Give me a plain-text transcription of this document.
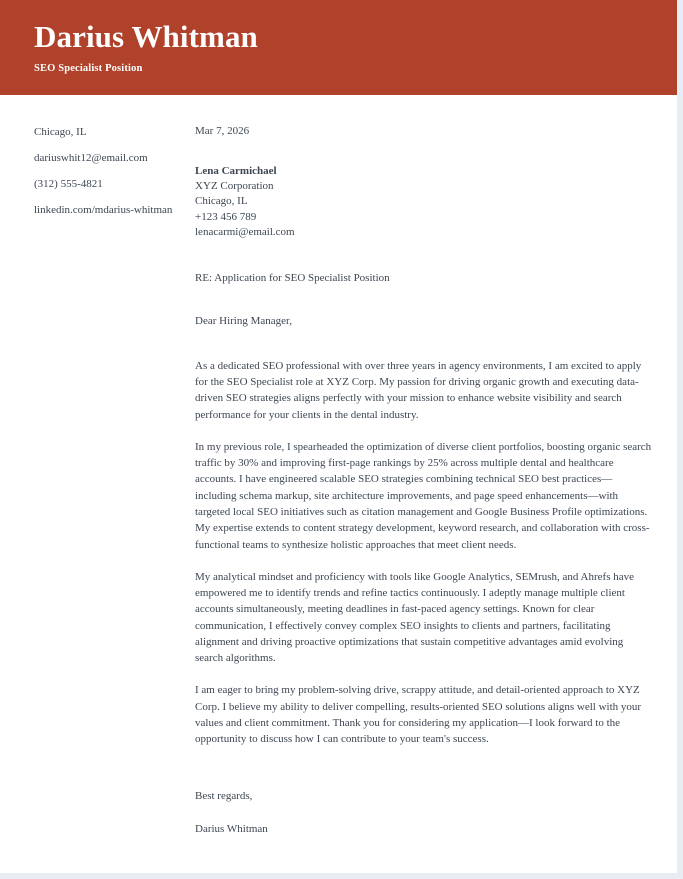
Darius Whitman
SEO Specialist Position
Chicago, IL
dariuswhit12@email.com
(312) 555-4821
linkedin.com/mdarius-whitman
Mar 7, 2026
Lena Carmichael
XYZ Corporation
Chicago, IL
+123 456 789
lenacarmi@email.com
RE: Application for SEO Specialist Position
Dear Hiring Manager,

As a dedicated SEO professional with over three years in agency environments, I am excited to apply for the SEO Specialist role at XYZ Corp. My passion for driving organic growth and executing data-driven SEO strategies aligns perfectly with your mission to enhance website visibility and search performance for your clients in the dental industry.

In my previous role, I spearheaded the optimization of diverse client portfolios, boosting organic search traffic by 30% and improving first-page rankings by 25% across multiple dental and healthcare accounts. I have engineered scalable SEO strategies combining technical SEO best practices—including schema markup, site architecture improvements, and page speed enhancements—with targeted local SEO initiatives such as citation management and Google Business Profile optimizations. My expertise extends to content strategy development, keyword research, and collaboration with cross-functional teams to synthesize holistic approaches that meet client needs.

My analytical mindset and proficiency with tools like Google Analytics, SEMrush, and Ahrefs have empowered me to identify trends and refine tactics continuously. I adeptly manage multiple client accounts simultaneously, meeting deadlines in fast-paced agency settings. Known for clear communication, I effectively convey complex SEO insights to clients and partners, facilitating alignment and driving proactive optimizations that sustain competitive advantages amid evolving search algorithms.

I am eager to bring my problem-solving drive, scrappy attitude, and detail-oriented approach to XYZ Corp. I believe my ability to deliver compelling, results-oriented SEO solutions aligns well with your values and client commitment. Thank you for considering my application—I look forward to the opportunity to discuss how I can contribute to your team's success.

Best regards,
Darius Whitman
